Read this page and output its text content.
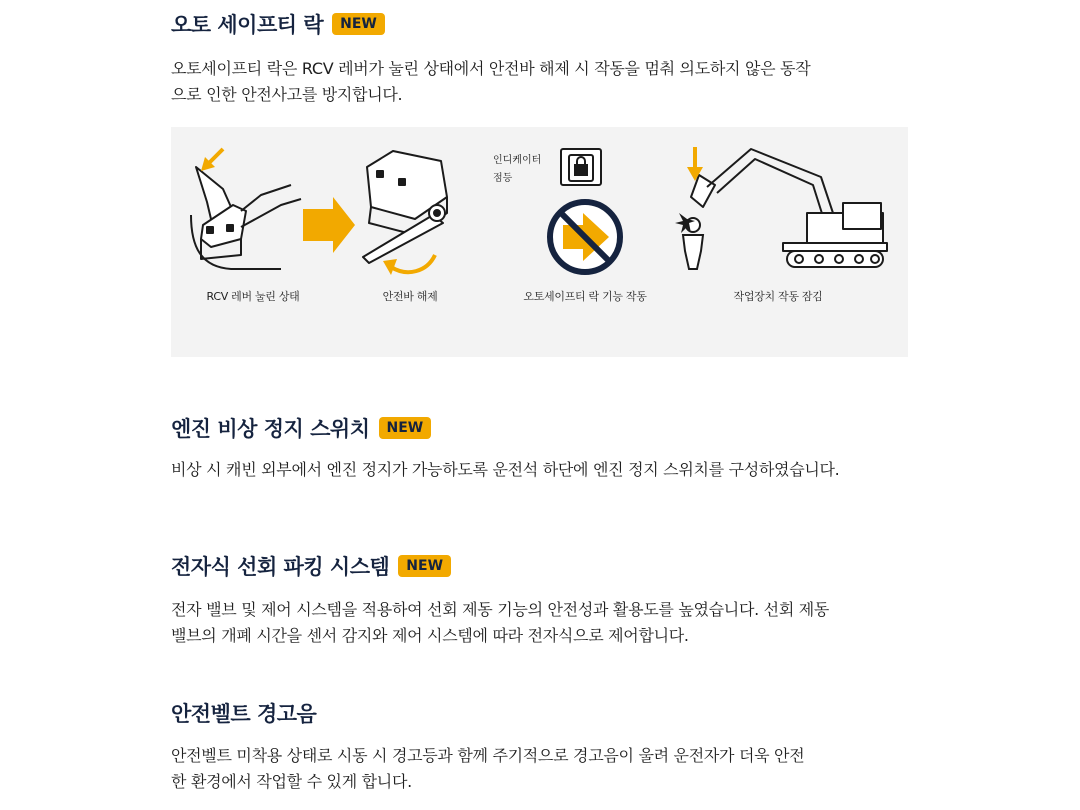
오토 세이프티 락	NEW
오토세이프티 락은 RCV 레버가 눌린 상태에서 안전바 해제 시 작동을 멈춰 의도하지 않은 동작
으로 인한 안전사고를 방지합니다.
인디케이터
점등
RCV 레버 눌린 상태	안전바 해제	오토세이프티 락 기능 작동	작업장치 작동 잠김
엔진 비상 정지 스위치	NEW
비상 시 캐빈 외부에서 엔진 정지가 가능하도록 운전석 하단에 엔진 정지 스위치를 구성하였습니다.
전자식 선회 파킹 시스템	NEW
전자 밸브 및 제어 시스템을 적용하여 선회 제동 기능의 안전성과 활용도를 높였습니다. 선회 제동
밸브의 개폐 시간을 센서 감지와 제어 시스템에 따라 전자식으로 제어합니다.
안전벨트 경고음
안전벨트 미착용 상태로 시동 시 경고등과 함께 주기적으로 경고음이 울려 운전자가 더욱 안전
한 환경에서 작업할 수 있게 합니다.
